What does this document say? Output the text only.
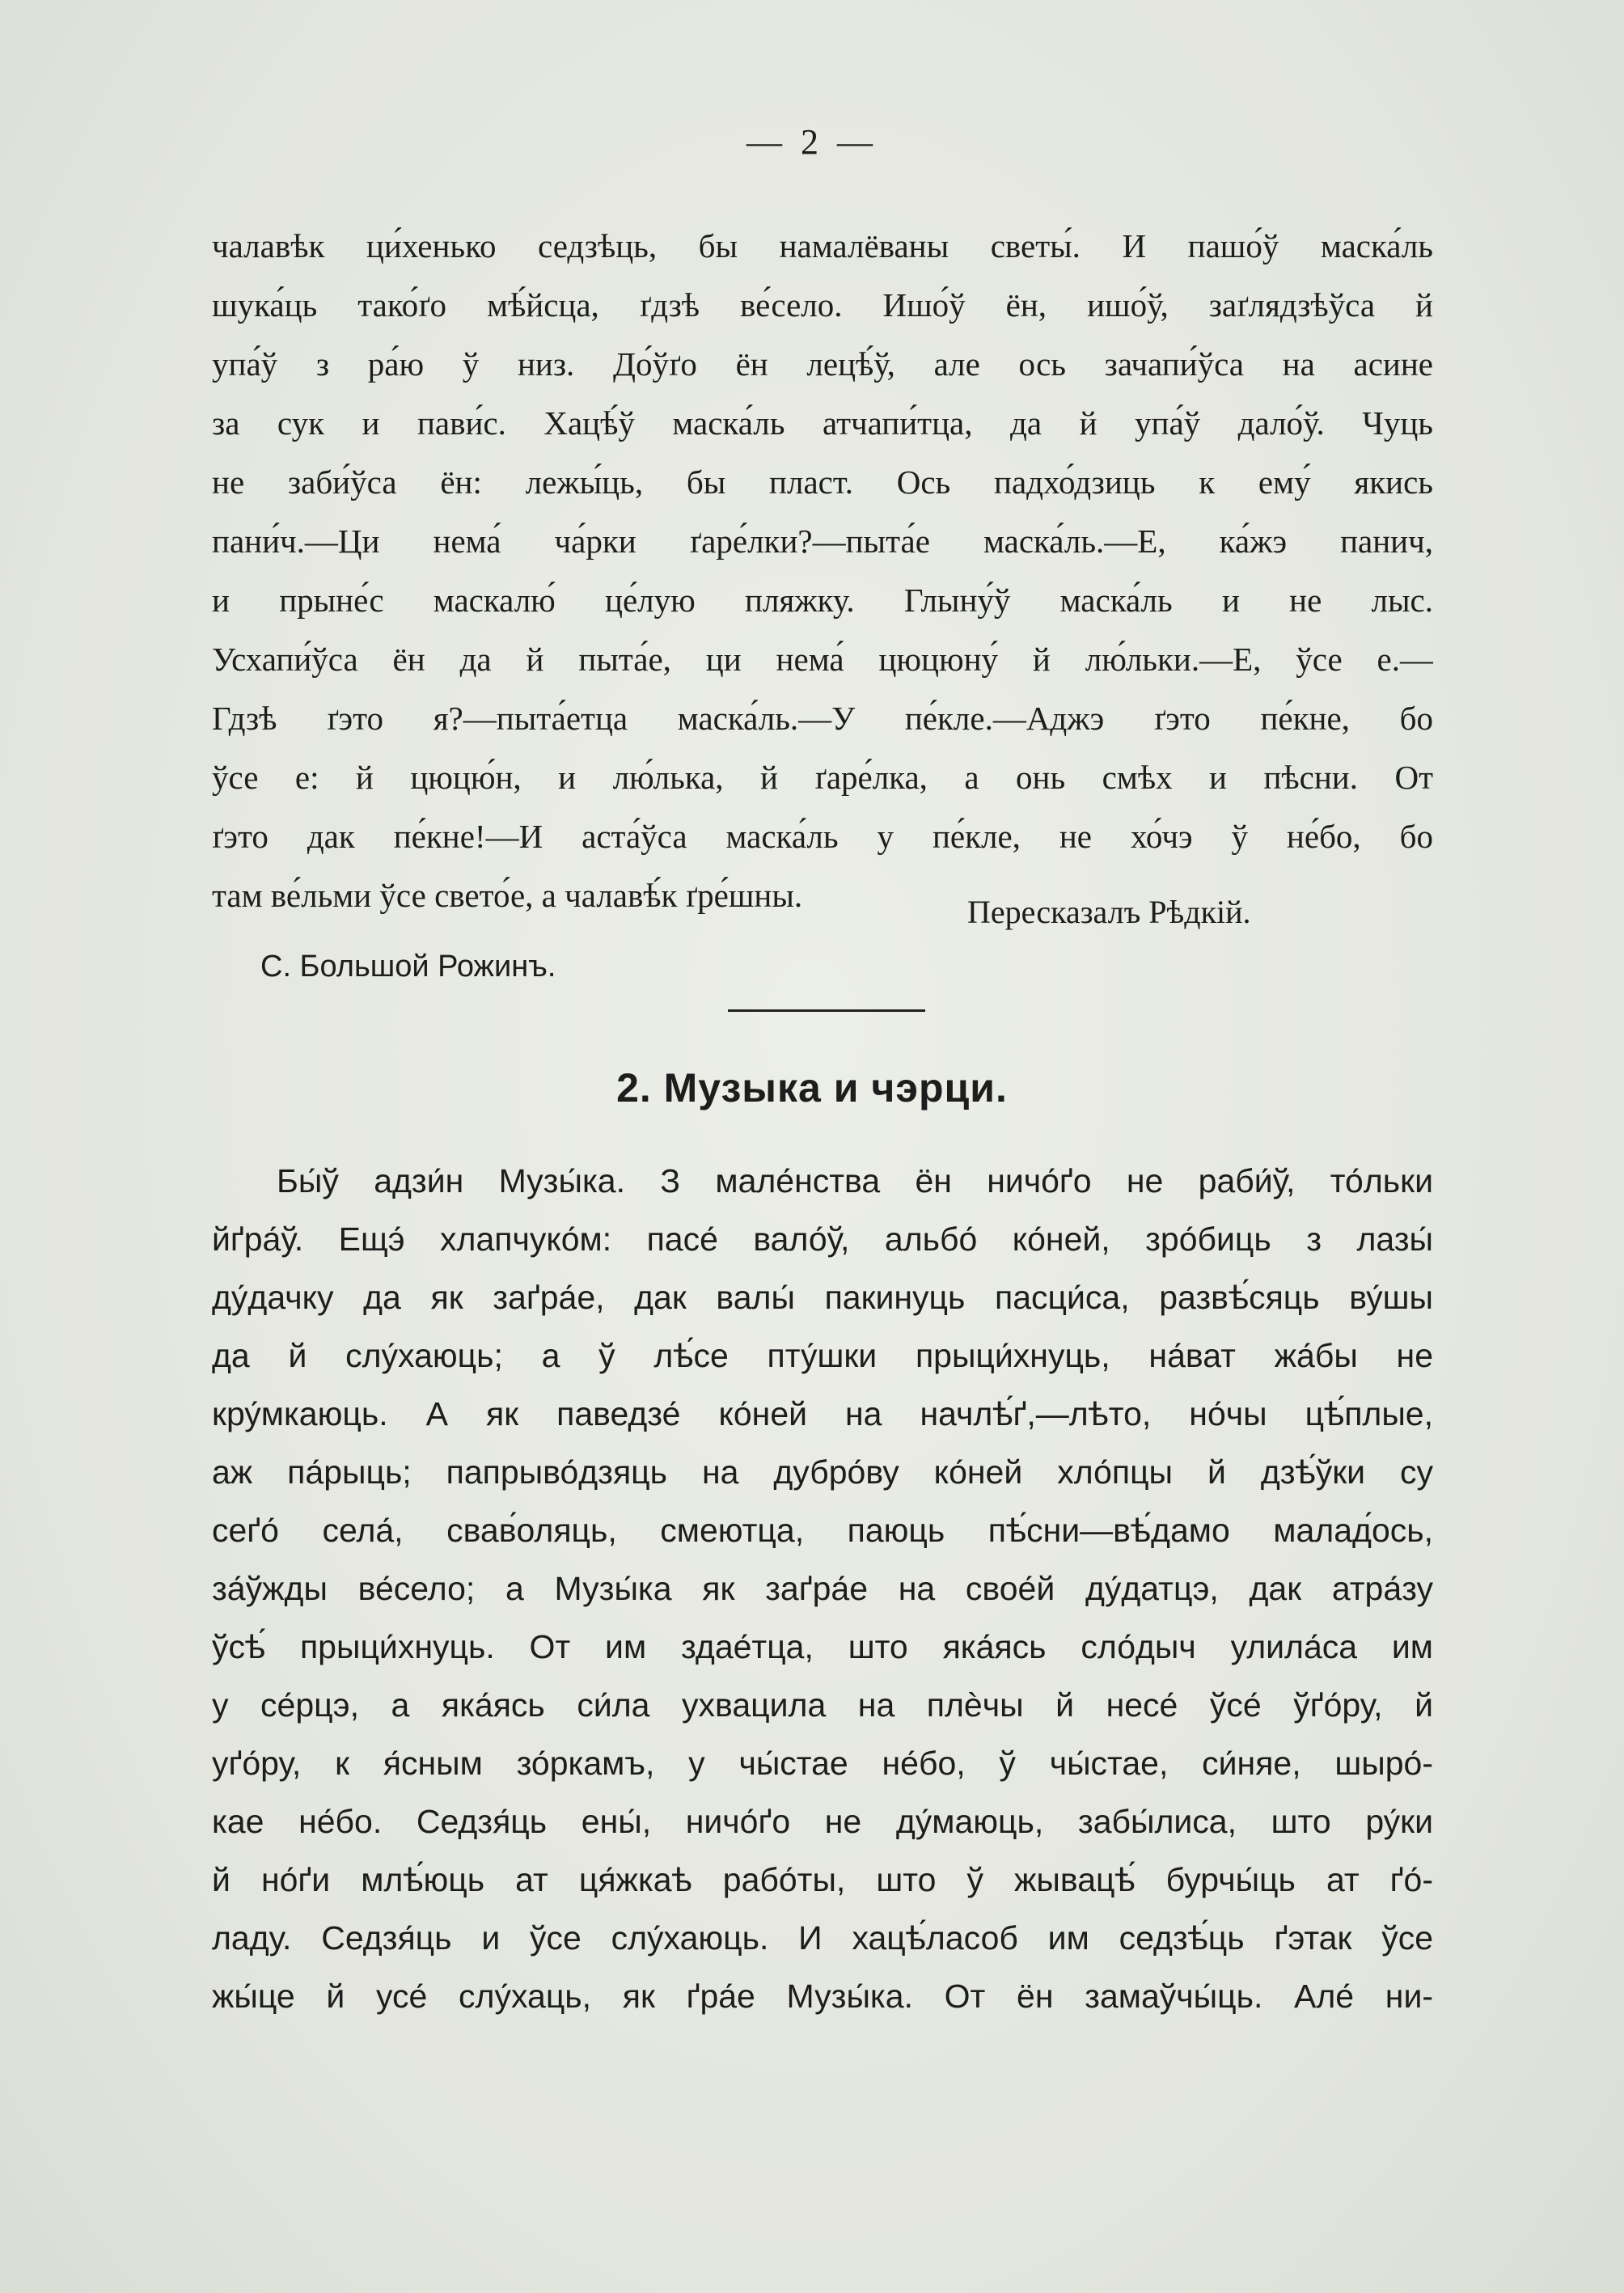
— 2 —
чалавѣк ци́хенько седзѣць, бы намалёваны светы́. И пашо́ў маска́ль
шука́ць тако́ґо мѣ́йсца, ґдзѣ ве́село. Ишо́ў ён, ишо́ў, заґлядзѣўса й
упа́ў з ра́ю ў низ. До́ўґо ён лецѣ́ў, але ось зачапи́ўса на асине
за сук и пави́с. Хацѣ́ў маска́ль атчапи́тца, да й упа́ў дало́ў. Чуць
не заби́ўса ён: лежы́ць, бы пласт. Ось падхо́дзиць к ему́ якись
пани́ч.—Ци нема́ ча́рки ґаре́лки?—пыта́е маска́ль.—Е, ка́жэ панич,
и прыне́с маскалю́ це́лую пляжку. Глыну́ў маска́ль и не лыс.
Усхапи́ўса ён да й пыта́е, ци нема́ цюцюну́ й лю́льки.—Е, ўсе е.—
Гдзѣ ґэто я?—пыта́етца маска́ль.—У пе́кле.—Аджэ ґэто пе́кне, бо
ўсе е: й цюцю́н, и лю́лька, й ґаре́лка, а онь смѣх и пѣсни. От
ґэто дак пе́кне!—И аста́ўса маска́ль у пе́кле, не хо́чэ ў не́бо, бо
там ве́льми ўсе свето́е, а чалавѣ́к ґре́шны.	Пересказалъ Рѣдкій.
С. Большой Рожинъ.
2. Музыка и чэрци.
Бы́ў адзи́н Музы́ка. З мале́нства ён ничо́ґо не раби́ў, то́льки
йґра́ў. Ещэ́ хлапчуко́м: пасе́ вало́ў, альбо́ ко́ней, зро́биць з лазы́
ду́дачку да як заґра́е, дак валы́ пакинуць пасци́са, развѣ́сяць ву́шы
да й слу́хаюць; а ў лѣ́се пту́шки прыци́хнуць, на́ват жа́бы не
кру́мкаюць. А як паведзе́ ко́ней на начлѣ́ґ,—лѣто, но́чы цѣ́плые,
аж па́рыць; папрыво́дзяць на дубро́ву ко́ней хло́пцы й дзѣ́ўки су
сеґо́ села́, свав́оляць, смеютца, паюць пѣ́сни—вѣ́дамо малад́ось,
за́ўжды ве́село; а Музы́ка як заґра́е на свое́й ду́датцэ, дак атра́зу
ўсѣ́ прыци́хнуць. От им здае́тца, што яка́ясь сло́дыч улила́са им
у се́рцэ, а яка́ясь си́ла ухвацила на плѐчы й несе́ ўсе́ ўґо́ру, й
уґо́ру, к я́сным зо́ркамъ, у чы́стае не́бо, ў чы́стае, си́няе, шыро́-
кае не́бо. Седзя́ць ены́, ничо́ґо не ду́маюць, забы́лиса, што ру́ки
й но́ґи млѣ́юць ат ця́жкаѣ рабо́ты, што ў жывацѣ́ бурчы́ць ат ґо́-
ладу. Седзя́ць и ўсе слу́хаюць. И хацѣ́ласоб им седзѣ́ць ґэтак ўсе
жы́це й усе́ слу́хаць, як ґра́е Музы́ка. От ён замаўчы́ць. Але́ ни-
